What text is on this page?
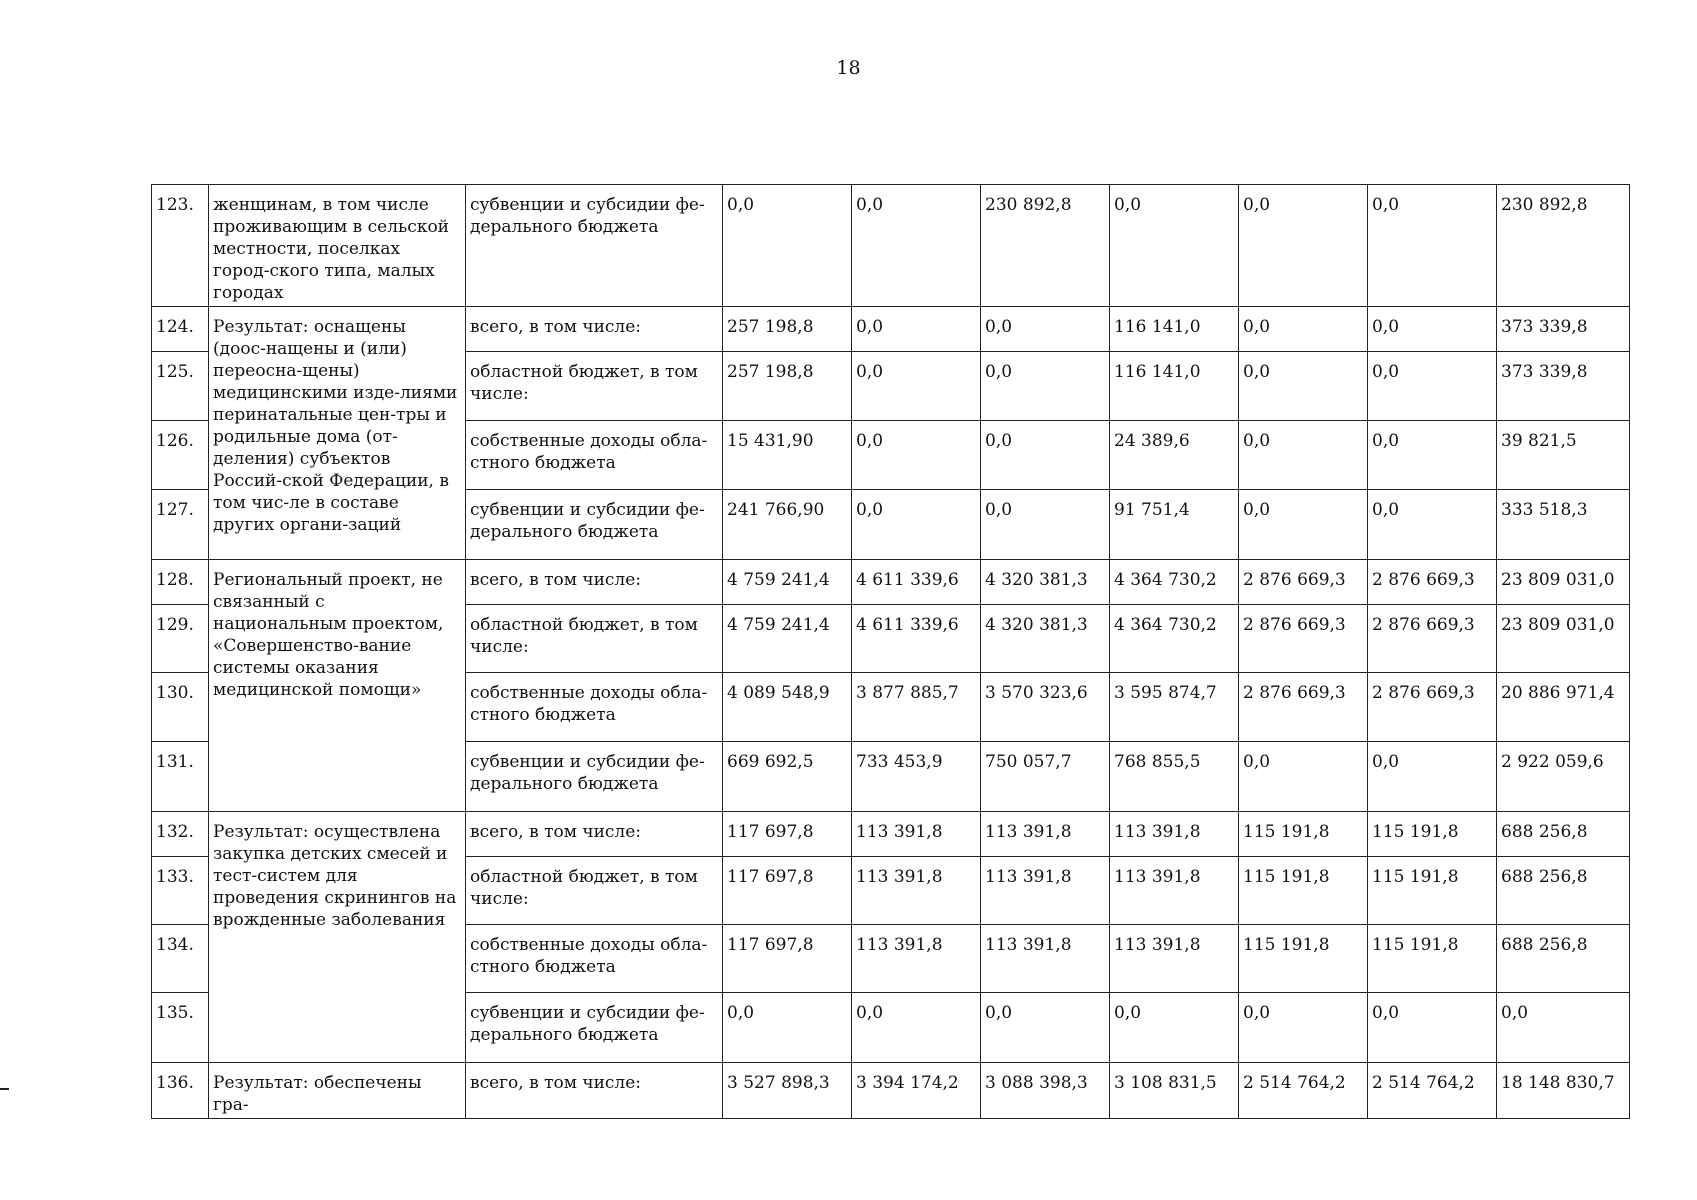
18
123.	женщинам, в том числе проживающим в сельской местности, поселках город-ского типа, малых городах	субвенции и субсидии фе-дерального бюджета	0,0	0,0	230 892,8	0,0	0,0	0,0	230 892,8
124.	Результат: оснащены (доос-нащены и (или) переосна-щены) медицинскими изде-лиями перинатальные цен-тры и родильные дома (от-деления) субъектов Россий-ской Федерации, в том чис-ле в составе других органи-заций	всего, в том числе:	257 198,8	0,0	0,0	116 141,0	0,0	0,0	373 339,8
125.		областной бюджет, в том числе:	257 198,8	0,0	0,0	116 141,0	0,0	0,0	373 339,8
126.		собственные доходы обла-стного бюджета	15 431,90	0,0	0,0	24 389,6	0,0	0,0	39 821,5
127.		субвенции и субсидии фе-дерального бюджета	241 766,90	0,0	0,0	91 751,4	0,0	0,0	333 518,3
128.	Региональный проект, не связанный с национальным проектом, «Совершенство-вание системы оказания медицинской помощи»	всего, в том числе:	4 759 241,4	4 611 339,6	4 320 381,3	4 364 730,2	2 876 669,3	2 876 669,3	23 809 031,0
129.		областной бюджет, в том числе:	4 759 241,4	4 611 339,6	4 320 381,3	4 364 730,2	2 876 669,3	2 876 669,3	23 809 031,0
130.		собственные доходы обла-стного бюджета	4 089 548,9	3 877 885,7	3 570 323,6	3 595 874,7	2 876 669,3	2 876 669,3	20 886 971,4
131.		субвенции и субсидии фе-дерального бюджета	669 692,5	733 453,9	750 057,7	768 855,5	0,0	0,0	2 922 059,6
132.	Результат: осуществлена закупка детских смесей и тест-систем для проведения скринингов на врожденные заболевания	всего, в том числе:	117 697,8	113 391,8	113 391,8	113 391,8	115 191,8	115 191,8	688 256,8
133.		областной бюджет, в том числе:	117 697,8	113 391,8	113 391,8	113 391,8	115 191,8	115 191,8	688 256,8
134.		собственные доходы обла-стного бюджета	117 697,8	113 391,8	113 391,8	113 391,8	115 191,8	115 191,8	688 256,8
135.		субвенции и субсидии фе-дерального бюджета	0,0	0,0	0,0	0,0	0,0	0,0	0,0
136.	Результат: обеспечены гра-	всего, в том числе:	3 527 898,3	3 394 174,2	3 088 398,3	3 108 831,5	2 514 764,2	2 514 764,2	18 148 830,7
